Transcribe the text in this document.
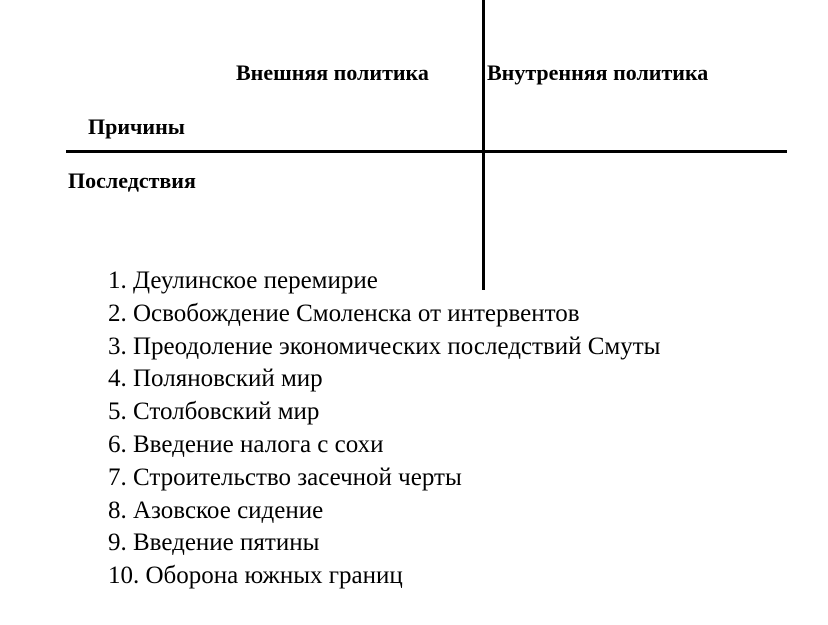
Внешняя политика	Внутренняя политика
Причины
Последствия
1. Деулинское перемирие
2. Освобождение Смоленска от интервентов
3. Преодоление экономических последствий Смуты
4. Поляновский мир
5. Столбовский мир
6. Введение налога с сохи
7. Строительство засечной черты
8. Азовское сидение
9. Введение пятины
10. Оборона южных границ
